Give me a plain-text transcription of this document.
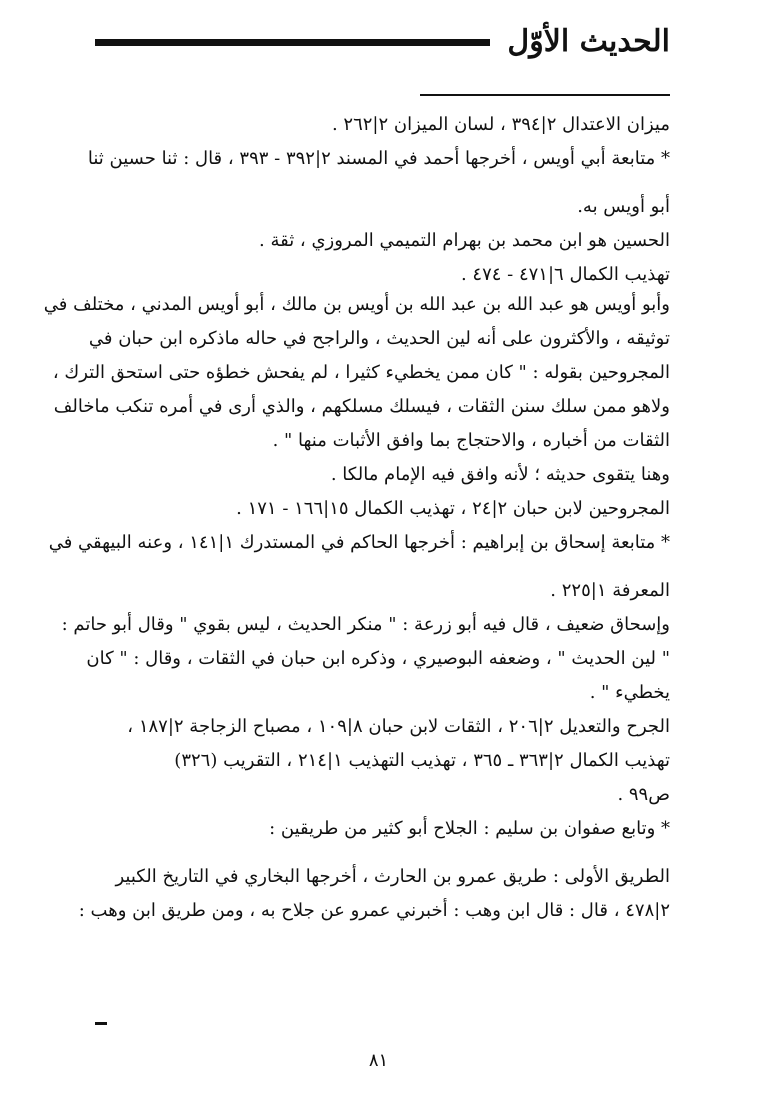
الحديث الأوّل
ميزان الاعتدال ٢|٣٩٤ ، لسان الميزان ٢|٢٦٢ .
* متابعة أبي أويس ، أخرجها أحمد في المسند ٢|٣٩٢ - ٣٩٣ ، قال : ثنا حسين ثنا
أبو أويس به.
الحسين هو ابن محمد بن بهرام التميمي المروزي ، ثقة .
تهذيب الكمال ٦|٤٧١ - ٤٧٤ .
وأبو أويس هو عبد الله بن عبد الله بن أويس بن مالك ، أبو أويس المدني ، مختلف في
توثيقه ، والأكثرون على أنه لين الحديث ، والراجح في حاله ماذكره ابن حبان في
المجروحين بقوله : " كان ممن يخطيء كثيرا ، لم يفحش خطؤه حتى استحق الترك ،
ولاهو ممن سلك سنن الثقات ، فيسلك مسلكهم ، والذي أرى في أمره تنكب ماخالف
الثقات من أخباره ، والاحتجاج بما وافق الأثبات منها " .
وهنا يتقوى حديثه ؛ لأنه وافق فيه الإمام مالكا .
المجروحين لابن حبان ٢|٢٤ ، تهذيب الكمال ١٥|١٦٦ - ١٧١ .
* متابعة إسحاق بن إبراهيم : أخرجها الحاكم في المستدرك ١|١٤١ ، وعنه البيهقي في
المعرفة ١|٢٢٥ .
وإسحاق ضعيف ، قال فيه أبو زرعة : " منكر الحديث ، ليس بقوي " وقال أبو حاتم :
" لين الحديث " ، وضعفه البوصيري ، وذكره ابن حبان في الثقات ، وقال : " كان
يخطيء " .
الجرح والتعديل ٢|٢٠٦ ، الثقات لابن حبان ٨|١٠٩ ، مصباح الزجاجة ٢|١٨٧ ،
تهذيب الكمال ٢|٣٦٣ ـ ٣٦٥ ، تهذيب التهذيب ١|٢١٤ ، التقريب (٣٢٦)
ص٩٩ .
* وتابع صفوان بن سليم : الجلاح أبو كثير من طريقين :
الطريق الأولى : طريق عمرو بن الحارث ، أخرجها البخاري في التاريخ الكبير
٢|٤٧٨ ، قال : قال ابن وهب : أخبرني عمرو عن جلاح به ، ومن طريق ابن وهب :
٨١
